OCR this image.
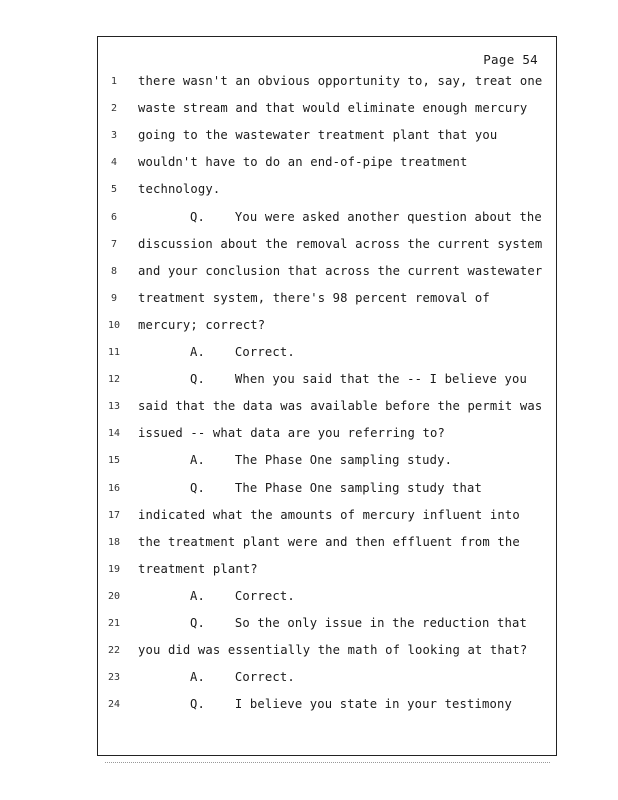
Page 54
1	there wasn't an obvious opportunity to, say, treat one
2	waste stream and that would eliminate enough mercury
3	going to the wastewater treatment plant that you
4	wouldn't have to do an end-of-pipe treatment
5	technology.
6	Q.    You were asked another question about the
7	discussion about the removal across the current system
8	and your conclusion that across the current wastewater
9	treatment system, there's 98 percent removal of
10	mercury; correct?
11	A.    Correct.
12	Q.    When you said that the -- I believe you
13	said that the data was available before the permit was
14	issued -- what data are you referring to?
15	A.    The Phase One sampling study.
16	Q.    The Phase One sampling study that
17	indicated what the amounts of mercury influent into
18	the treatment plant were and then effluent from the
19	treatment plant?
20	A.    Correct.
21	Q.    So the only issue in the reduction that
22	you did was essentially the math of looking at that?
23	A.    Correct.
24	Q.    I believe you state in your testimony
